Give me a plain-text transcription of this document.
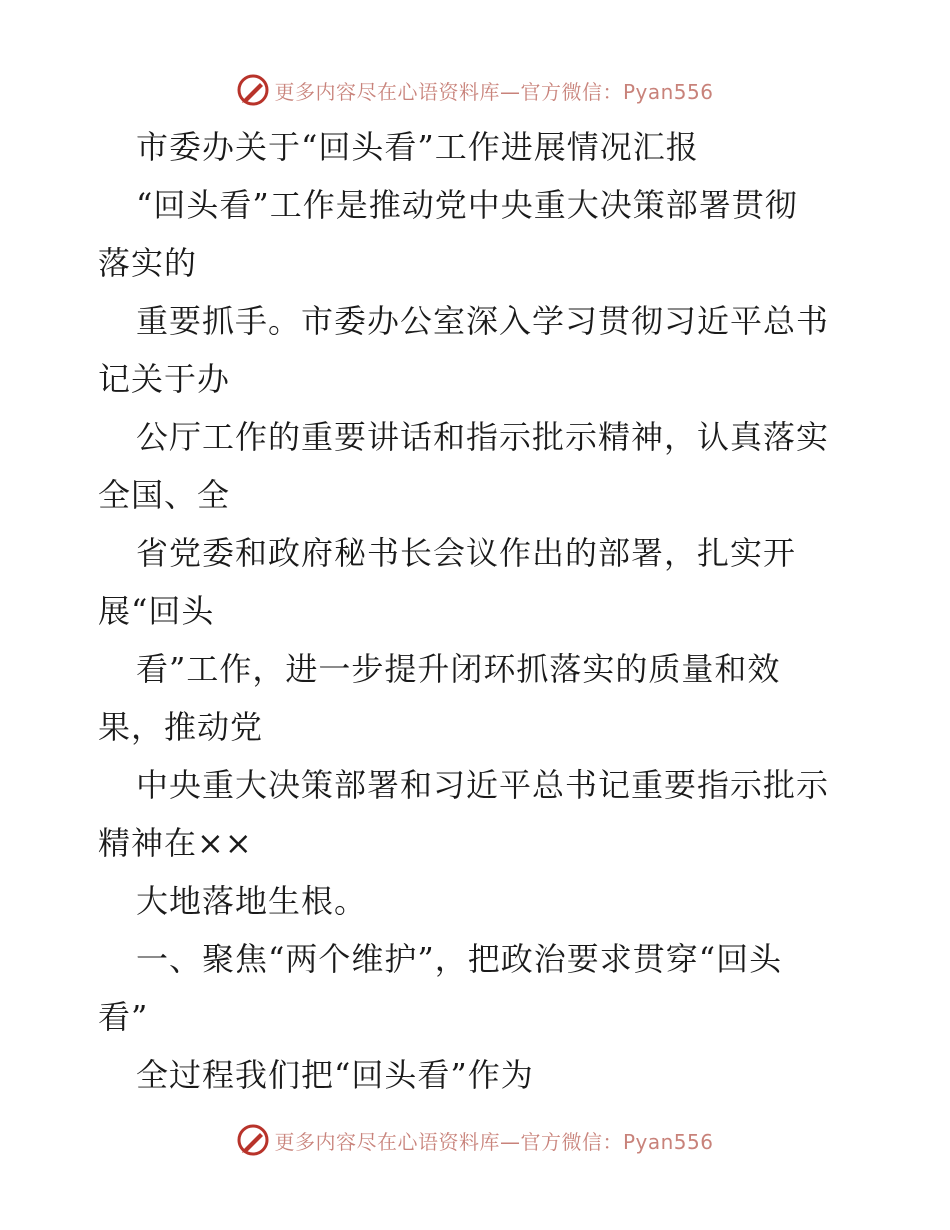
更多内容尽在心语资料库—官方微信：Pyan556
市委办关于“回头看”工作进展情况汇报
“回头看”工作是推动党中央重大决策部署贯彻
落实的
重要抓手。市委办公室深入学习贯彻习近平总书
记关于办
公厅工作的重要讲话和指示批示精神，认真落实
全国、全
省党委和政府秘书长会议作出的部署，扎实开
展“回头
看”工作，进一步提升闭环抓落实的质量和效
果，推动党
中央重大决策部署和习近平总书记重要指示批示
精神在××
大地落地生根。
一、聚焦“两个维护”，把政治要求贯穿“回头
看”
全过程我们把“回头看”作为
更多内容尽在心语资料库—官方微信：Pyan556
